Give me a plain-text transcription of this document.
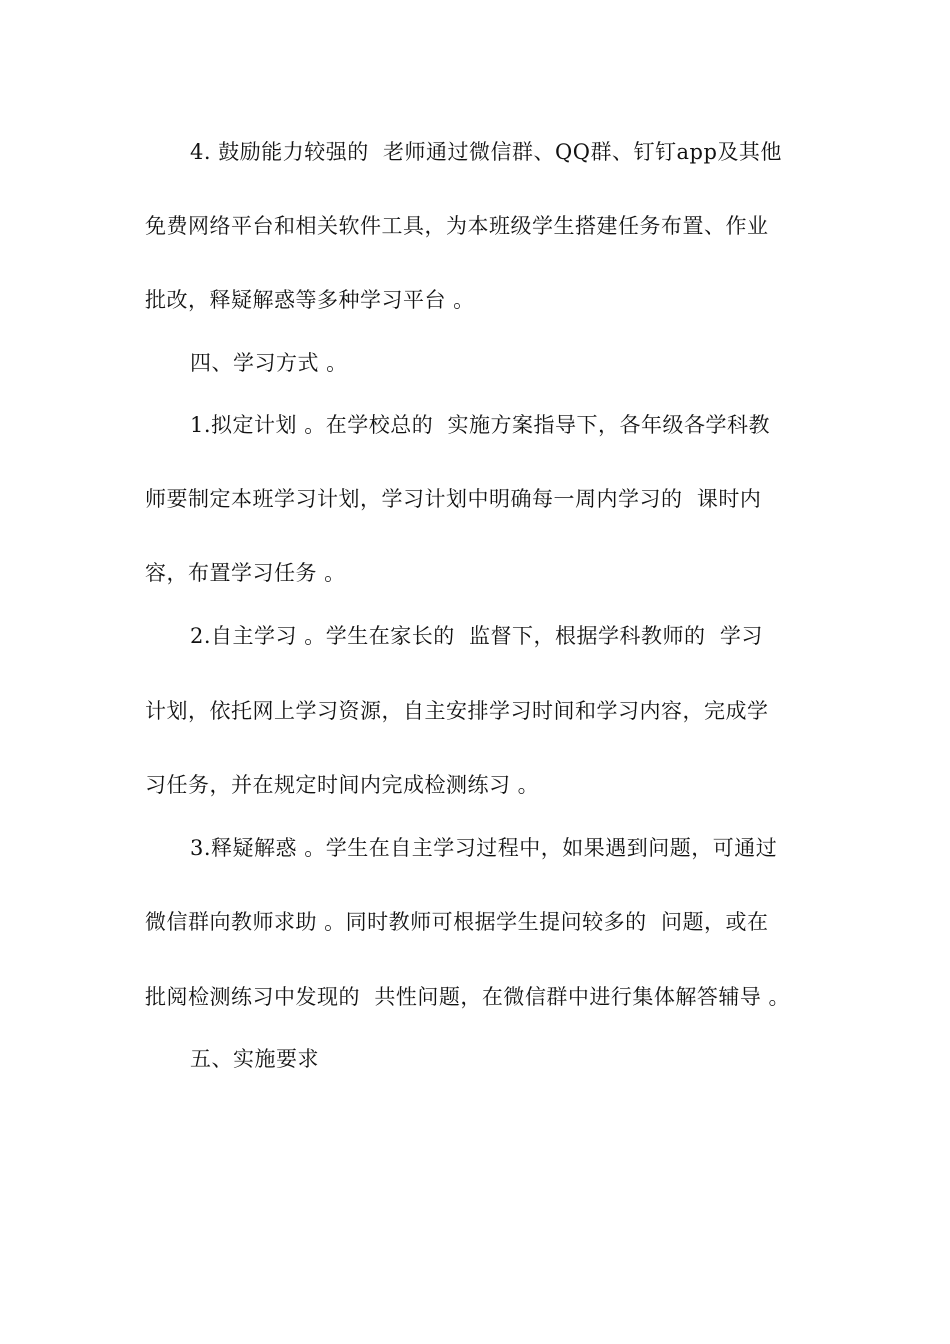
4. 鼓励能力较强的  老师通过微信群、QQ群、钉钉app及其他
免费网络平台和相关软件工具，为本班级学生搭建任务布置、作业
批改，释疑解惑等多种学习平台 。
四、学习方式 。
1.拟定计划 。在学校总的  实施方案指导下，各年级各学科教
师要制定本班学习计划，学习计划中明确每一周内学习的  课时内
容，布置学习任务 。
2.自主学习 。学生在家长的  监督下，根据学科教师的  学习
计划，依托网上学习资源，自主安排学习时间和学习内容，完成学
习任务，并在规定时间内完成检测练习 。
3.释疑解惑 。学生在自主学习过程中，如果遇到问题，可通过
微信群向教师求助 。同时教师可根据学生提问较多的  问题，或在
批阅检测练习中发现的  共性问题，在微信群中进行集体解答辅导 。
五、实施要求
